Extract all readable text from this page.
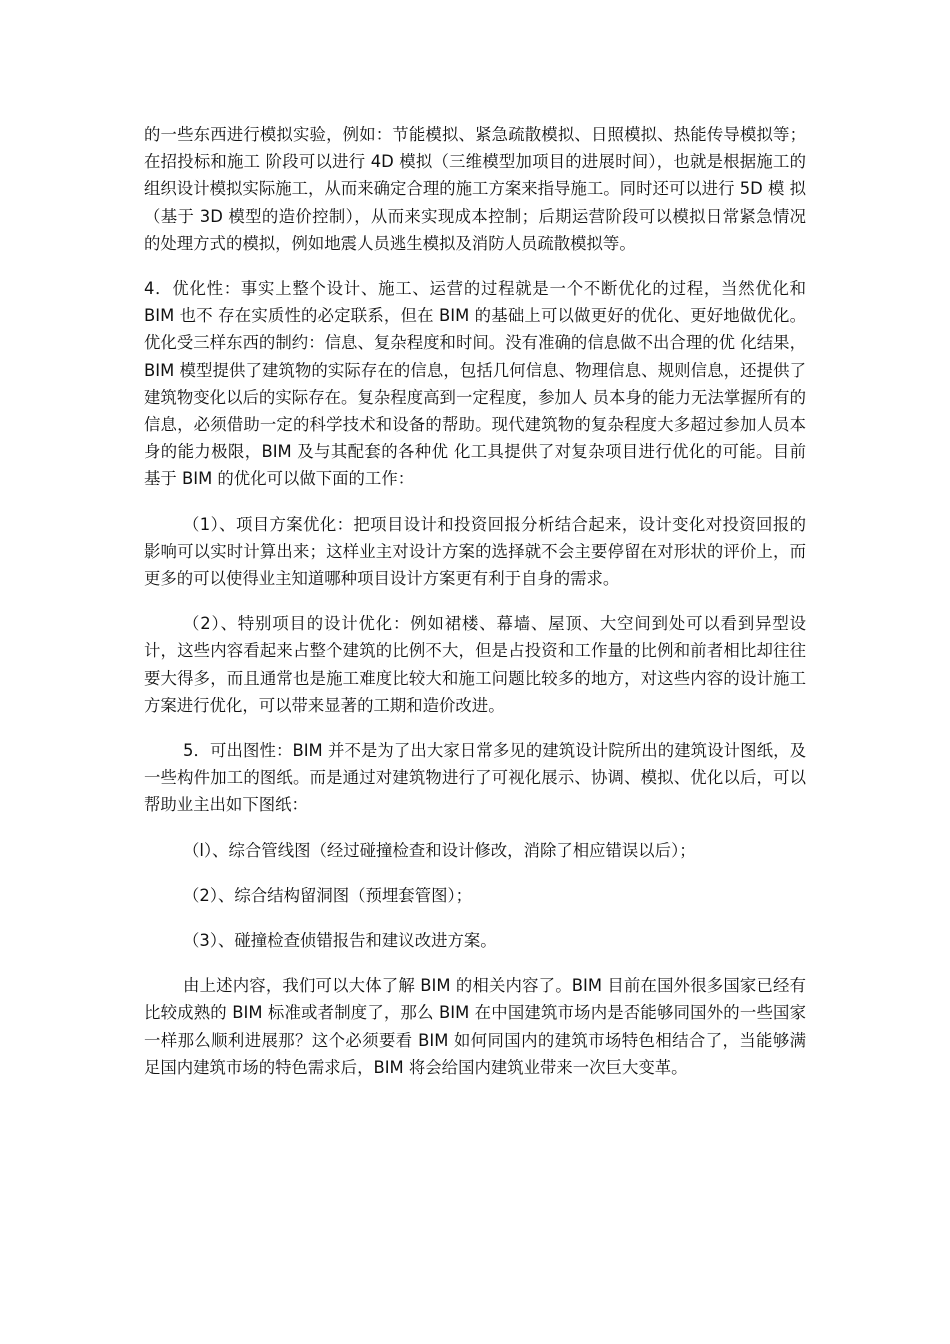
的一些东西进行模拟实验，例如：节能模拟、紧急疏散模拟、日照模拟、热能传导模拟等；在招投标和施工 阶段可以进行 4D 模拟（三维模型加项目的进展时间），也就是根据施工的组织设计模拟实际施工，从而来确定合理的施工方案来指导施工。同时还可以进行 5D 模 拟（基于 3D 模型的造价控制），从而来实现成本控制；后期运营阶段可以模拟日常紧急情况的处理方式的模拟，例如地震人员逃生模拟及消防人员疏散模拟等。

4．优化性：事实上整个设计、施工、运营的过程就是一个不断优化的过程，当然优化和 BIM 也不 存在实质性的必定联系，但在 BIM 的基础上可以做更好的优化、更好地做优化。优化受三样东西的制约：信息、复杂程度和时间。没有准确的信息做不出合理的优 化结果，BIM 模型提供了建筑物的实际存在的信息，包括几何信息、物理信息、规则信息，还提供了建筑物变化以后的实际存在。复杂程度高到一定程度，参加人 员本身的能力无法掌握所有的信息，必须借助一定的科学技术和设备的帮助。现代建筑物的复杂程度大多超过参加人员本身的能力极限，BIM 及与其配套的各种优 化工具提供了对复杂项目进行优化的可能。目前基于 BIM 的优化可以做下面的工作：

（1）、项目方案优化：把项目设计和投资回报分析结合起来，设计变化对投资回报的影响可以实时计算出来；这样业主对设计方案的选择就不会主要停留在对形状的评价上，而更多的可以使得业主知道哪种项目设计方案更有利于自身的需求。

（2）、特别项目的设计优化：例如裙楼、幕墙、屋顶、大空间到处可以看到异型设计，这些内容看起来占整个建筑的比例不大，但是占投资和工作量的比例和前者相比却往往要大得多，而且通常也是施工难度比较大和施工问题比较多的地方，对这些内容的设计施工方案进行优化，可以带来显著的工期和造价改进。

5．可出图性：BIM 并不是为了出大家日常多见的建筑设计院所出的建筑设计图纸，及一些构件加工的图纸。而是通过对建筑物进行了可视化展示、协调、模拟、优化以后，可以帮助业主出如下图纸：

（l）、综合管线图（经过碰撞检查和设计修改，消除了相应错误以后）；

（2）、综合结构留洞图（预埋套管图）；

（3）、碰撞检查侦错报告和建议改进方案。

由上述内容，我们可以大体了解 BIM 的相关内容了。BIM 目前在国外很多国家已经有比较成熟的 BIM 标准或者制度了，那么 BIM 在中国建筑市场内是否能够同国外的一些国家一样那么顺利进展那？这个必须要看 BIM 如何同国内的建筑市场特色相结合了，当能够满足国内建筑市场的特色需求后，BIM 将会给国内建筑业带来一次巨大变革。
